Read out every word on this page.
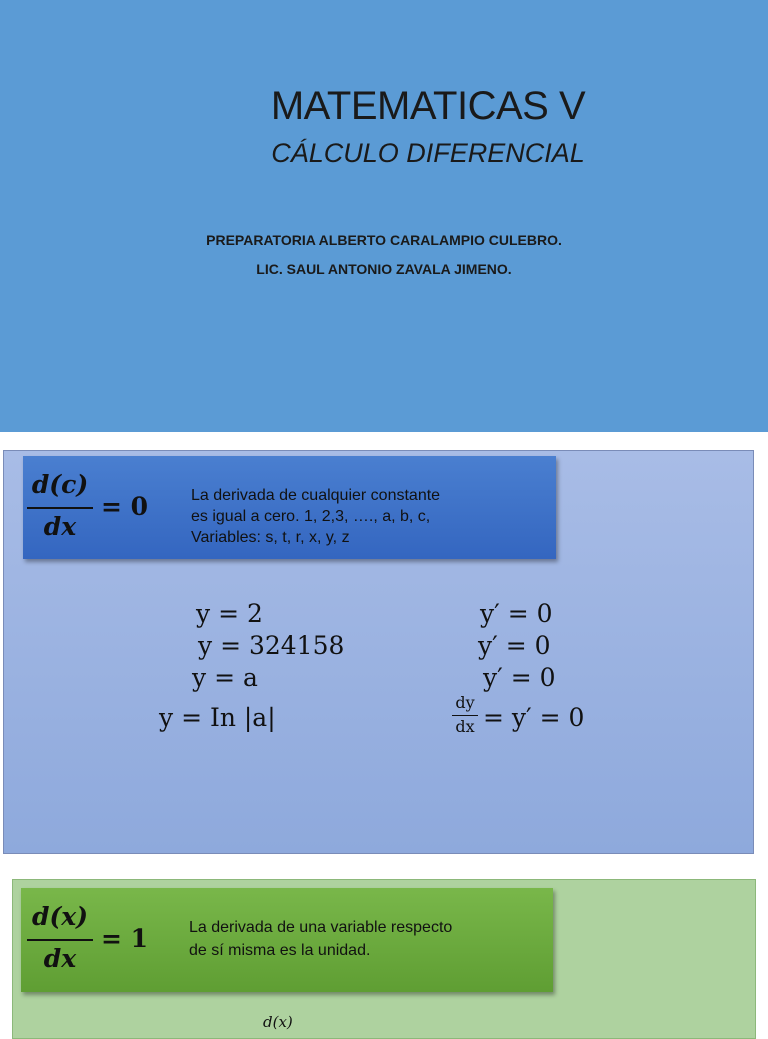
MATEMATICAS V
CÁLCULO DIFERENCIAL
PREPARATORIA ALBERTO CARALAMPIO CULEBRO.
LIC. SAUL ANTONIO ZAVALA JIMENO.
d(c)
dx
= 0	La derivada de cualquier constante
es igual a cero. 1, 2,3, …., a, b, c,
Variables: s, t, r, x, y, z
y = 2
y = 324158
y = a
y = In |a|
y′ = 0
y′ = 0
y′ = 0
dy
dx = y′ = 0
d(x)
dx
= 1	La derivada de una variable respecto
de sí misma es la unidad.
d(x)
